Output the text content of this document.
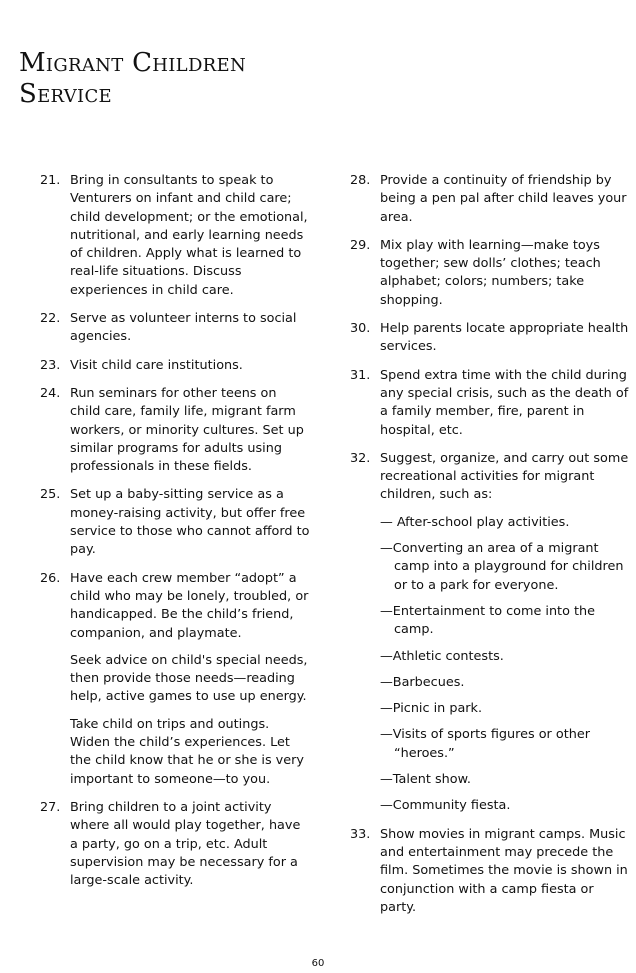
Migrant Children
Service
21. Bring in consultants to speak to Venturers on infant and child care; child development; or the emotional, nutritional, and early learning needs of children. Apply what is learned to real-life situations. Discuss experiences in child care.

22. Serve as volunteer interns to social agencies.

23. Visit child care institutions.

24. Run seminars for other teens on child care, family life, migrant farm workers, or minority cultures. Set up similar programs for adults using professionals in these fields.

25. Set up a baby-sitting service as a money-raising activity, but offer free service to those who cannot afford to pay.

26. Have each crew member “adopt” a child who may be lonely, troubled, or handicapped. Be the child’s friend, companion, and playmate.

Seek advice on child's special needs, then provide those needs—reading help, active games to use up energy.

Take child on trips and outings. Widen the child’s experiences. Let the child know that he or she is very important to someone—to you.

27. Bring children to a joint activity where all would play together, have a party, go on a trip, etc. Adult supervision may be necessary for a large-scale activity.

28. Provide a continuity of friendship by being a pen pal after child leaves your area.

29. Mix play with learning—make toys together; sew dolls’ clothes; teach alphabet; colors; numbers; take shopping.

30. Help parents locate appropriate health services.

31. Spend extra time with the child during any special crisis, such as the death of a family member, fire, parent in hospital, etc.

32. Suggest, organize, and carry out some recreational activities for migrant children, such as:

— After-school play activities.
—Converting an area of a migrant camp into a playground for children or to a park for everyone.
—Entertainment to come into the camp.
—Athletic contests.
—Barbecues.
—Picnic in park.
—Visits of sports figures or other “heroes.”
—Talent show.
—Community fiesta.
33. Show movies in migrant camps. Music and entertainment may precede the film. Sometimes the movie is shown in conjunction with a camp fiesta or party.

60
